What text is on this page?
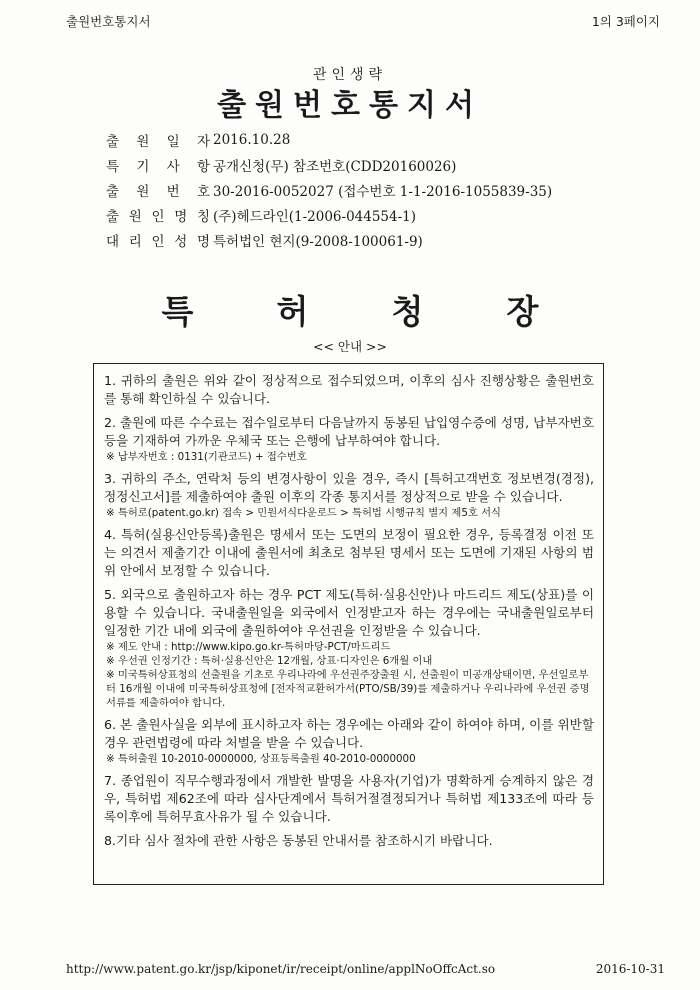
출원번호통지서	1의 3페이지
관인생략
출원번호통지서
출 원 일 자 2016.10.28
특 기 사 항 공개신청(무) 참조번호(CDD20160026)
출 원 번 호 30-2016-0052027 (접수번호 1-1-2016-1055839-35)
출 원 인 명 칭 (주)헤드라인(1-2006-044554-1)
대 리 인 성 명 특허법인 현지(9-2008-100061-9)
특	허	청	장
<< 안내 >>
1. 귀하의 출원은 위와 같이 정상적으로 접수되었으며, 이후의 심사 진행상황은 출원번호를 통해 확인하실 수 있습니다.
2. 출원에 따른 수수료는 접수일로부터 다음날까지 동봉된 납입영수증에 성명, 납부자번호 등을 기재하여 가까운 우체국 또는 은행에 납부하여야 합니다.
※ 납부자번호 : 0131(기관코드) + 접수번호
3. 귀하의 주소, 연락처 등의 변경사항이 있을 경우, 즉시 [특허고객번호 정보변경(경정), 정정신고서]를 제출하여야 출원 이후의 각종 통지서를 정상적으로 받을 수 있습니다.
※ 특허로(patent.go.kr) 접속 > 민원서식다운로드 > 특허법 시행규칙 별지 제5호 서식
4. 특허(실용신안등록)출원은 명세서 또는 도면의 보정이 필요한 경우, 등록결정 이전 또는 의견서 제출기간 이내에 출원서에 최초로 첨부된 명세서 또는 도면에 기재된 사항의 범위 안에서 보정할 수 있습니다.
5. 외국으로 출원하고자 하는 경우 PCT 제도(특허·실용신안)나 마드리드 제도(상표)를 이용할 수 있습니다. 국내출원일을 외국에서 인정받고자 하는 경우에는 국내출원일로부터 일정한 기간 내에 외국에 출원하여야 우선권을 인정받을 수 있습니다.
※ 제도 안내 : http://www.kipo.go.kr-특허마당-PCT/마드리드
※ 우선권 인정기간 : 특허·실용신안은 12개월, 상표·디자인은 6개월 이내
※ 미국특허상표청의 선출원을 기초로 우리나라에 우선권주장출원 시, 선출원이 미공개상태이면, 우선일로부터 16개월 이내에 미국특허상표청에 [전자적교환허가서(PTO/SB/39)를 제출하거나 우리나라에 우선권 증명서류를 제출하여야 합니다.
6. 본 출원사실을 외부에 표시하고자 하는 경우에는 아래와 같이 하여야 하며, 이를 위반할 경우 관련법령에 따라 처벌을 받을 수 있습니다.
※ 특허출원 10-2010-0000000, 상표등록출원 40-2010-0000000
7. 종업원이 직무수행과정에서 개발한 발명을 사용자(기업)가 명확하게 승계하지 않은 경우, 특허법 제62조에 따라 심사단계에서 특허거절결정되거나 특허법 제133조에 따라 등록이후에 특허무효사유가 될 수 있습니다.
8.기타 심사 절차에 관한 사항은 동봉된 안내서를 참조하시기 바랍니다.
http://www.patent.go.kr/jsp/kiponet/ir/receipt/online/applNoOffcAct.so	2016-10-31
